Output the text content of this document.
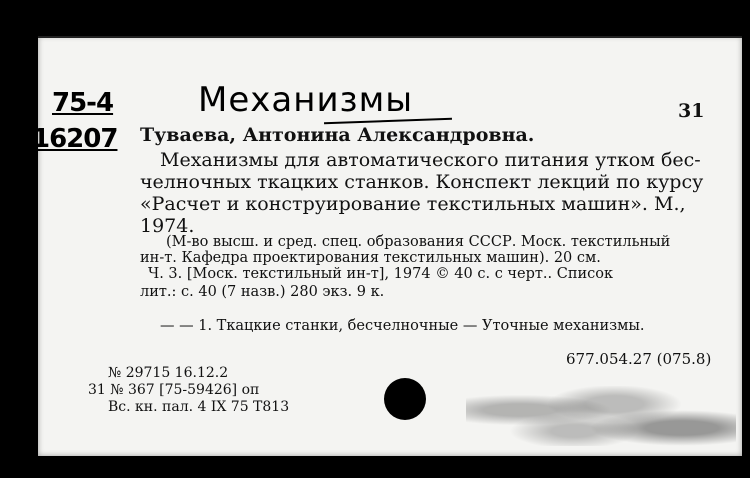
75-4
16207
Механизмы	31
Туваева, Антонина Александровна.
Механизмы для автоматического питания утком бес-
челночных ткацких станков. Конспект лекций по курсу
«Расчет и конструирование текстильных машин». М.,
1974.
(М-во высш. и сред. спец. образования СССР. Моск. текстильный
ин-т. Кафедра проектирования текстильных машин). 20 см.
Ч. 3. [Моск. текстильный ин-т], 1974 © 40 с. с черт.. Список
лит.: с. 40 (7 назв.) 280 экз. 9 к.
— — 1. Ткацкие станки, бесчелночные — Уточные механизмы.
677.054.27 (075.8)
№ 29715 16.12.2
31 № 367 [75-59426] оп
Вс. кн. пал. 4 IX 75 Т813
